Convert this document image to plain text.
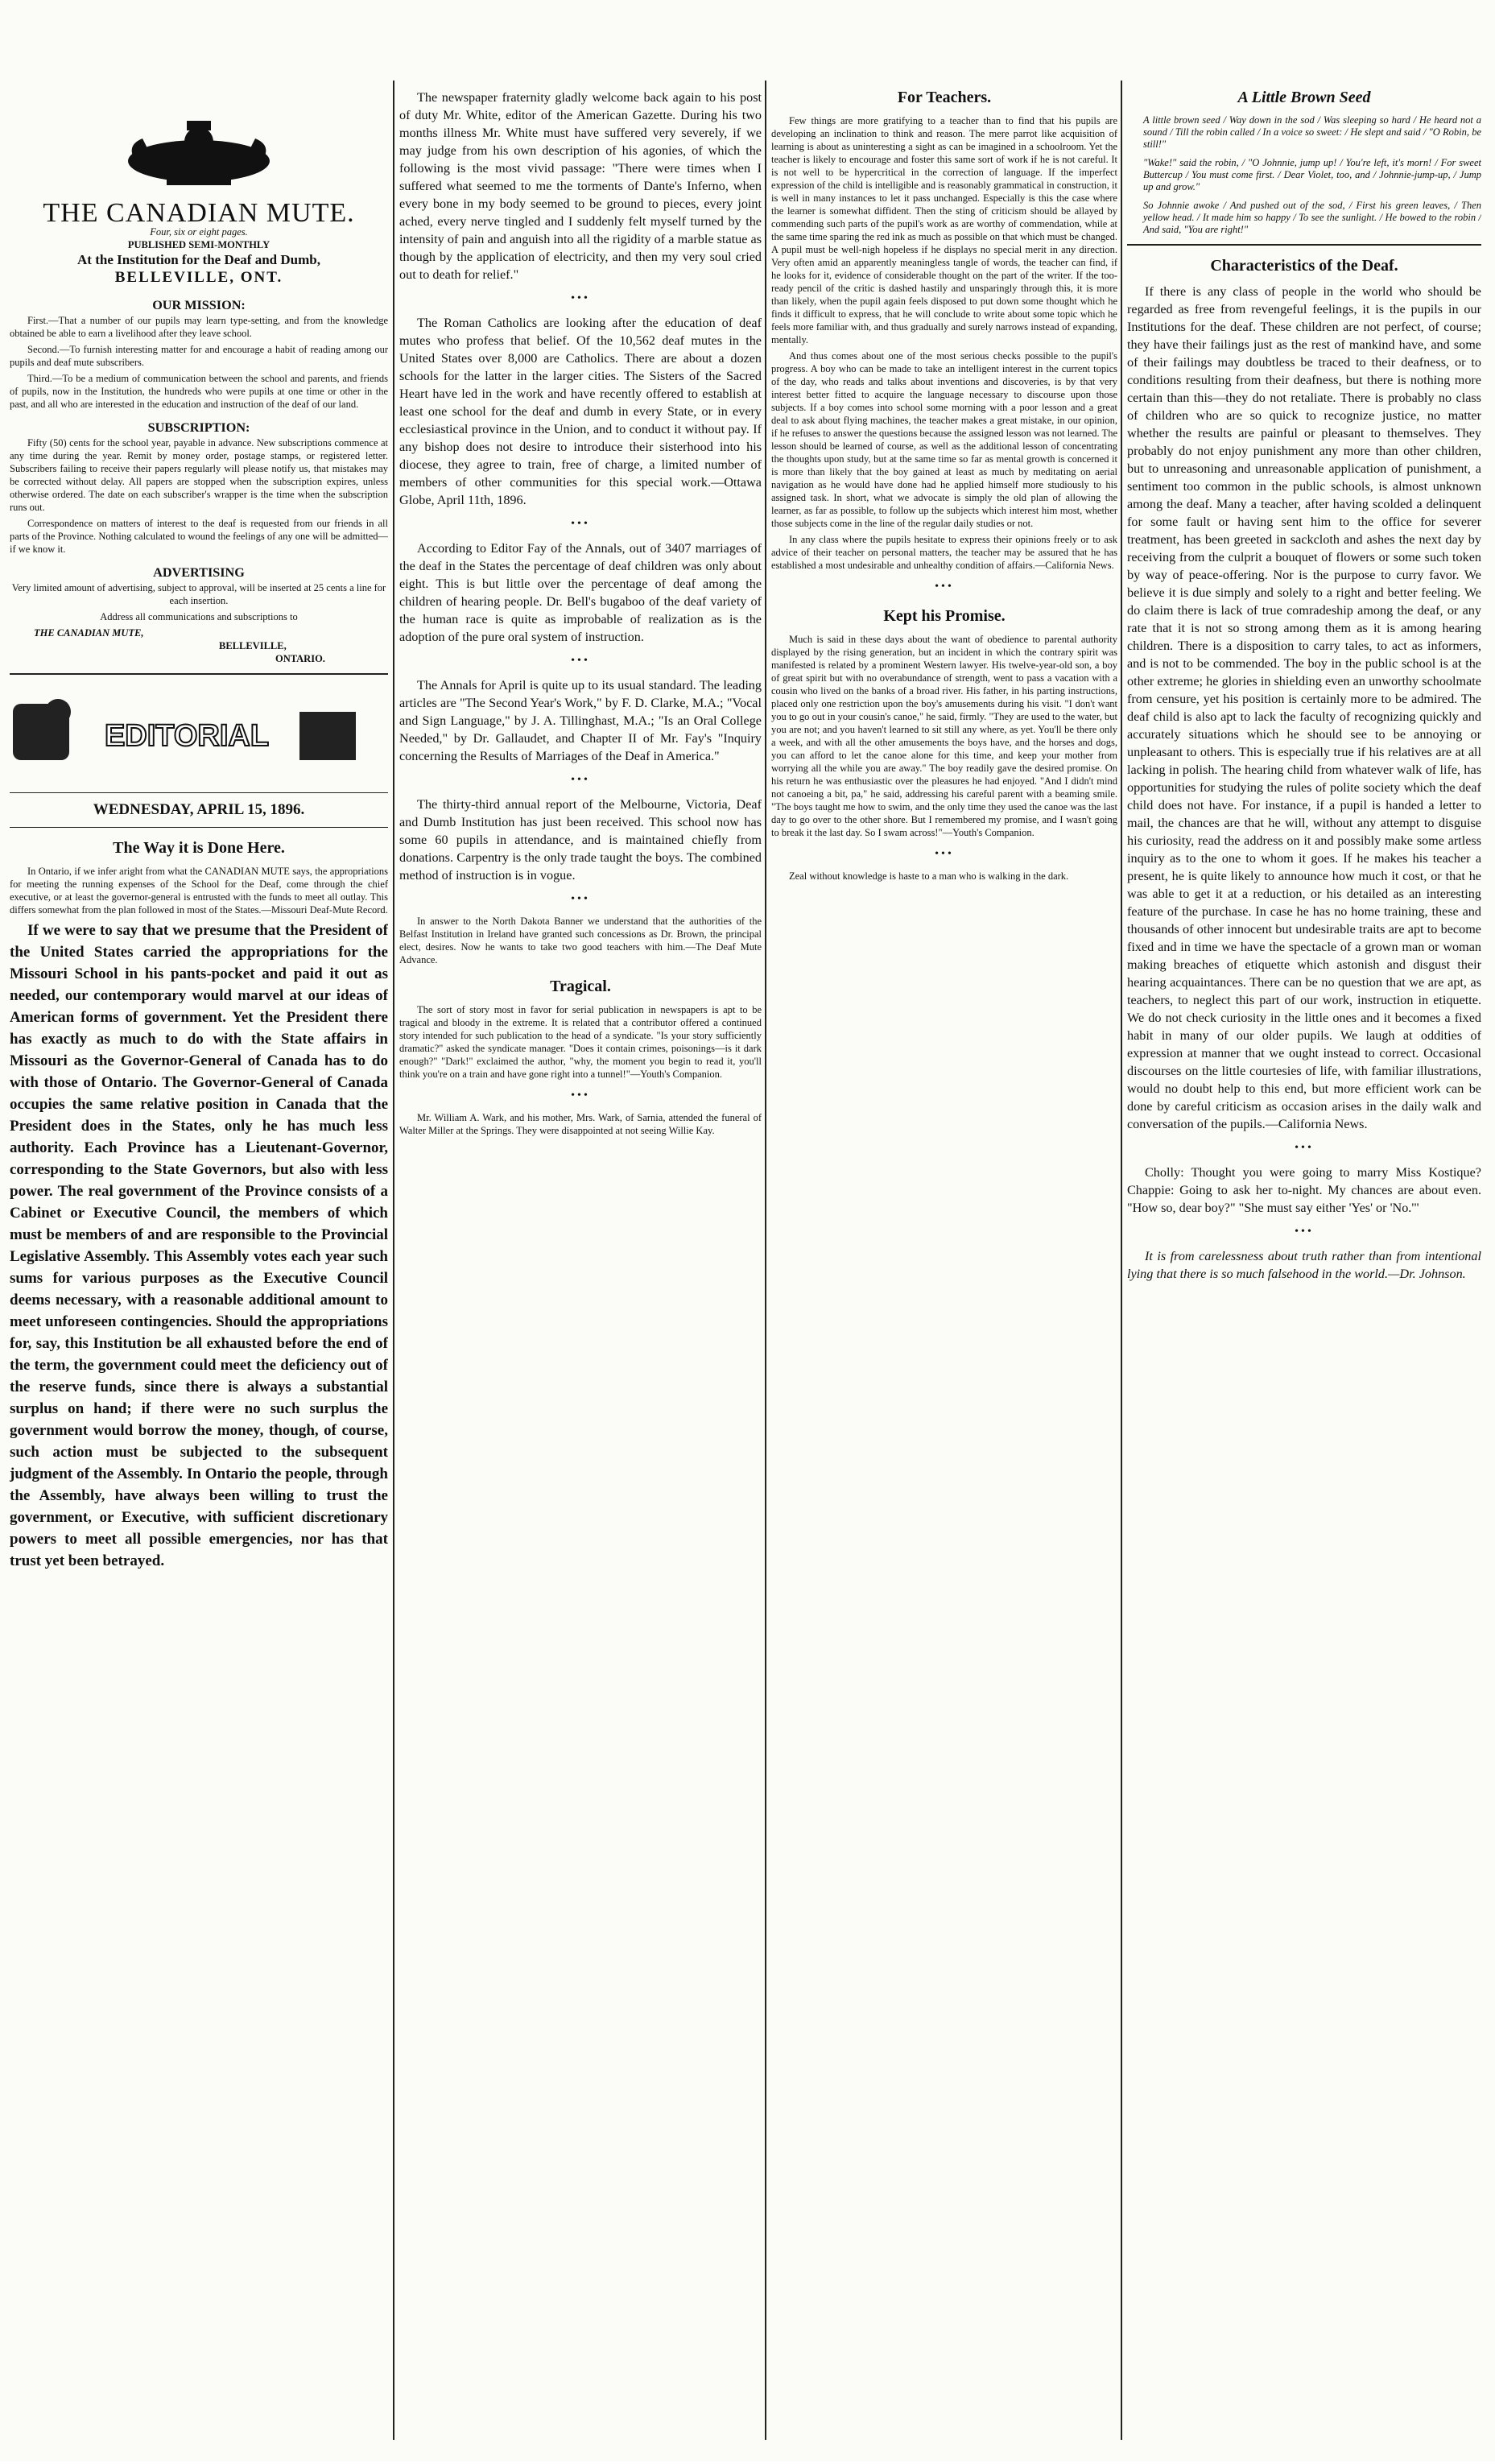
THE CANADIAN MUTE.
Four, six or eight pages.
PUBLISHED SEMI-MONTHLY
At the Institution for the Deaf and Dumb,
BELLEVILLE, ONT.
OUR MISSION:

First.—That a number of our pupils may learn type-setting, and from the knowledge obtained be able to earn a livelihood after they leave school.

Second.—To furnish interesting matter for and encourage a habit of reading among our pupils and deaf mute subscribers.

Third.—To be a medium of communication between the school and parents, and friends of pupils, now in the Institution, the hundreds who were pupils at one time or other in the past, and all who are interested in the education and instruction of the deaf of our land.

SUBSCRIPTION:

Fifty (50) cents for the school year, payable in advance. New subscriptions commence at any time during the year. Remit by money order, postage stamps, or registered letter. Subscribers failing to receive their papers regularly will please notify us, that mistakes may be corrected without delay. All papers are stopped when the subscription expires, unless otherwise ordered. The date on each subscriber's wrapper is the time when the subscription runs out.

Correspondence on matters of interest to the deaf is requested from our friends in all parts of the Province. Nothing calculated to wound the feelings of any one will be admitted—if we know it.

ADVERTISING

Very limited amount of advertising, subject to approval, will be inserted at 25 cents a line for each insertion.

Address all communications and subscriptions to

THE CANADIAN MUTE,
BELLEVILLE,
ONTARIO.
EDITORIAL
WEDNESDAY, APRIL 15, 1896.
The Way it is Done Here.

In Ontario, if we infer aright from what the CANADIAN MUTE says, the appropriations for meeting the running expenses of the School for the Deaf, come through the chief executive, or at least the governor-general is entrusted with the funds to meet all outlay. This differs somewhat from the plan followed in most of the States.—Missouri Deaf-Mute Record.

If we were to say that we presume that the President of the United States carried the appropriations for the Missouri School in his pants-pocket and paid it out as needed, our contemporary would marvel at our ideas of American forms of government. Yet the President there has exactly as much to do with the State affairs in Missouri as the Governor-General of Canada has to do with those of Ontario. The Governor-General of Canada occupies the same relative position in Canada that the President does in the States, only he has much less authority. Each Province has a Lieutenant-Governor, corresponding to the State Governors, but also with less power. The real government of the Province consists of a Cabinet or Executive Council, the members of which must be members of and are responsible to the Provincial Legislative Assembly. This Assembly votes each year such sums for various purposes as the Executive Council deems necessary, with a reasonable additional amount to meet unforeseen contingencies. Should the appropriations for, say, this Institution be all exhausted before the end of the term, the government could meet the deficiency out of the reserve funds, since there is always a substantial surplus on hand; if there were no such surplus the government would borrow the money, though, of course, such action must be subjected to the subsequent judgment of the Assembly. In Ontario the people, through the Assembly, have always been willing to trust the government, or Executive, with sufficient discretionary powers to meet all possible emergencies, nor has that trust yet been betrayed.

The newspaper fraternity gladly welcome back again to his post of duty Mr. White, editor of the American Gazette. During his two months illness Mr. White must have suffered very severely, if we may judge from his own description of his agonies, of which the following is the most vivid passage: "There were times when I suffered what seemed to me the torments of Dante's Inferno, when every bone in my body seemed to be ground to pieces, every joint ached, every nerve tingled and I suddenly felt myself turned by the intensity of pain and anguish into all the rigidity of a marble statue as though by the application of electricity, and then my very soul cried out to death for relief."

•••

The Roman Catholics are looking after the education of deaf mutes who profess that belief. Of the 10,562 deaf mutes in the United States over 8,000 are Catholics. There are about a dozen schools for the latter in the larger cities. The Sisters of the Sacred Heart have led in the work and have recently offered to establish at least one school for the deaf and dumb in every State, or in every ecclesiastical province in the Union, and to conduct it without pay. If any bishop does not desire to introduce their sisterhood into his diocese, they agree to train, free of charge, a limited number of members of other communities for this special work.—Ottawa Globe, April 11th, 1896.

•••

According to Editor Fay of the Annals, out of 3407 marriages of the deaf in the States the percentage of deaf children was only about eight. This is but little over the percentage of deaf among the children of hearing people. Dr. Bell's bugaboo of the deaf variety of the human race is quite as improbable of realization as is the adoption of the pure oral system of instruction.

•••

The Annals for April is quite up to its usual standard. The leading articles are "The Second Year's Work," by F. D. Clarke, M.A.; "Vocal and Sign Language," by J. A. Tillinghast, M.A.; "Is an Oral College Needed," by Dr. Gallaudet, and Chapter II of Mr. Fay's "Inquiry concerning the Results of Marriages of the Deaf in America."

•••

The thirty-third annual report of the Melbourne, Victoria, Deaf and Dumb Institution has just been received. This school now has some 60 pupils in attendance, and is maintained chiefly from donations. Carpentry is the only trade taught the boys. The combined method of instruction is in vogue.

•••

In answer to the North Dakota Banner we understand that the authorities of the Belfast Institution in Ireland have granted such concessions as Dr. Brown, the principal elect, desires. Now he wants to take two good teachers with him.—The Deaf Mute Advance.

Tragical.

The sort of story most in favor for serial publication in newspapers is apt to be tragical and bloody in the extreme. It is related that a contributor offered a continued story intended for such publication to the head of a syndicate. "Is your story sufficiently dramatic?" asked the syndicate manager. "Does it contain crimes, poisonings—is it dark enough?" "Dark!" exclaimed the author, "why, the moment you begin to read it, you'll think you're on a train and have gone right into a tunnel!"—Youth's Companion.

•••

Mr. William A. Wark, and his mother, Mrs. Wark, of Sarnia, attended the funeral of Walter Miller at the Springs. They were disappointed at not seeing Willie Kay.

For Teachers.

Few things are more gratifying to a teacher than to find that his pupils are developing an inclination to think and reason. The mere parrot like acquisition of learning is about as uninteresting a sight as can be imagined in a schoolroom. Yet the teacher is likely to encourage and foster this same sort of work if he is not careful. It is not well to be hypercritical in the correction of language. If the imperfect expression of the child is intelligible and is reasonably grammatical in construction, it is well in many instances to let it pass unchanged. Especially is this the case where the learner is somewhat diffident. Then the sting of criticism should be allayed by commending such parts of the pupil's work as are worthy of commendation, while at the same time sparing the red ink as much as possible on that which must be changed. A pupil must be well-nigh hopeless if he displays no special merit in any direction. Very often amid an apparently meaningless tangle of words, the teacher can find, if he looks for it, evidence of considerable thought on the part of the writer. If the too-ready pencil of the critic is dashed hastily and unsparingly through this, it is more than likely, when the pupil again feels disposed to put down some thought which he finds it difficult to express, that he will conclude to write about some topic which he feels more familiar with, and thus gradually and surely narrows instead of expanding, mentally.

And thus comes about one of the most serious checks possible to the pupil's progress. A boy who can be made to take an intelligent interest in the current topics of the day, who reads and talks about inventions and discoveries, is by that very interest better fitted to acquire the language necessary to discourse upon those subjects. If a boy comes into school some morning with a poor lesson and a great deal to ask about flying machines, the teacher makes a great mistake, in our opinion, if he refuses to answer the questions because the assigned lesson was not learned. The lesson should be learned of course, as well as the additional lesson of concentrating the thoughts upon study, but at the same time so far as mental growth is concerned it is more than likely that the boy gained at least as much by meditating on aerial navigation as he would have done had he applied himself more studiously to his assigned task. In short, what we advocate is simply the old plan of allowing the learner, as far as possible, to follow up the subjects which interest him most, whether those subjects come in the line of the regular daily studies or not.

In any class where the pupils hesitate to express their opinions freely or to ask advice of their teacher on personal matters, the teacher may be assured that he has established a most undesirable and unhealthy condition of affairs.—California News.

•••
Kept his Promise.

Much is said in these days about the want of obedience to parental authority displayed by the rising generation, but an incident in which the contrary spirit was manifested is related by a prominent Western lawyer. His twelve-year-old son, a boy of great spirit but with no overabundance of strength, went to pass a vacation with a cousin who lived on the banks of a broad river. His father, in his parting instructions, placed only one restriction upon the boy's amusements during his visit. "I don't want you to go out in your cousin's canoe," he said, firmly. "They are used to the water, but you are not; and you haven't learned to sit still any where, as yet. You'll be there only a week, and with all the other amusements the boys have, and the horses and dogs, you can afford to let the canoe alone for this time, and keep your mother from worrying all the while you are away." The boy readily gave the desired promise. On his return he was enthusiastic over the pleasures he had enjoyed. "And I didn't mind not canoeing a bit, pa," he said, addressing his careful parent with a beaming smile. "The boys taught me how to swim, and the only time they used the canoe was the last day to go over to the other shore. But I remembered my promise, and I wasn't going to break it the last day. So I swam across!"—Youth's Companion.

•••

Zeal without knowledge is haste to a man who is walking in the dark.

A Little Brown Seed

A little brown seed / Way down in the sod / Was sleeping so hard / He heard not a sound / Till the robin called / In a voice so sweet: / He slept and said / "O Robin, be still!"

"Wake!" said the robin, / "O Johnnie, jump up! / You're left, it's morn! / For sweet Buttercup / You must come first. / Dear Violet, too, and / Johnnie-jump-up, / Jump up and grow."

So Johnnie awoke / And pushed out of the sod, / First his green leaves, / Then yellow head. / It made him so happy / To see the sunlight. / He bowed to the robin / And said, "You are right!"

Characteristics of the Deaf.

If there is any class of people in the world who should be regarded as free from revengeful feelings, it is the pupils in our Institutions for the deaf. These children are not perfect, of course; they have their failings just as the rest of mankind have, and some of their failings may doubtless be traced to their deafness, or to conditions resulting from their deafness, but there is nothing more certain than this—they do not retaliate. There is probably no class of children who are so quick to recognize justice, no matter whether the results are painful or pleasant to themselves. They probably do not enjoy punishment any more than other children, but to unreasoning and unreasonable application of punishment, a sentiment too common in the public schools, is almost unknown among the deaf. Many a teacher, after having scolded a delinquent for some fault or having sent him to the office for severer treatment, has been greeted in sackcloth and ashes the next day by receiving from the culprit a bouquet of flowers or some such token by way of peace-offering. Nor is the purpose to curry favor. We believe it is due simply and solely to a right and better feeling. We do claim there is lack of true comradeship among the deaf, or any rate that it is not so strong among them as it is among hearing children. There is a disposition to carry tales, to act as informers, and is not to be commended. The boy in the public school is at the other extreme; he glories in shielding even an unworthy schoolmate from censure, yet his position is certainly more to be admired. The deaf child is also apt to lack the faculty of recognizing quickly and accurately situations which he should see to be annoying or unpleasant to others. This is especially true if his relatives are at all lacking in polish. The hearing child from whatever walk of life, has opportunities for studying the rules of polite society which the deaf child does not have. For instance, if a pupil is handed a letter to mail, the chances are that he will, without any attempt to disguise his curiosity, read the address on it and possibly make some artless inquiry as to the one to whom it goes. If he makes his teacher a present, he is quite likely to announce how much it cost, or that he was able to get it at a reduction, or his detailed as an interesting feature of the purchase. In case he has no home training, these and thousands of other innocent but undesirable traits are apt to become fixed and in time we have the spectacle of a grown man or woman making breaches of etiquette which astonish and disgust their hearing acquaintances. There can be no question that we are apt, as teachers, to neglect this part of our work, instruction in etiquette. We do not check curiosity in the little ones and it becomes a fixed habit in many of our older pupils. We laugh at oddities of expression at manner that we ought instead to correct. Occasional discourses on the little courtesies of life, with familiar illustrations, would no doubt help to this end, but more efficient work can be done by careful criticism as occasion arises in the daily walk and conversation of the pupils.—California News.

•••

Cholly: Thought you were going to marry Miss Kostique? Chappie: Going to ask her to-night. My chances are about even. "How so, dear boy?" "She must say either 'Yes' or 'No.'"

•••

It is from carelessness about truth rather than from intentional lying that there is so much falsehood in the world.—Dr. Johnson.
